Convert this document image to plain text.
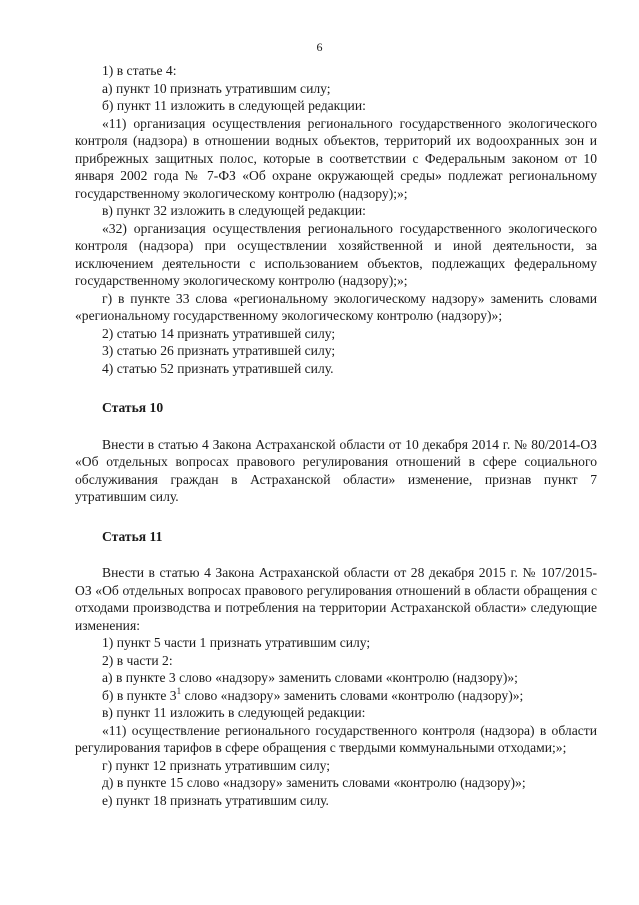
6

1) в статье 4:

а) пункт 10 признать утратившим силу;

б) пункт 11 изложить в следующей редакции:

«11) организация осуществления регионального государственного экологического контроля (надзора) в отношении водных объектов, территорий их водоохранных зон и прибрежных защитных полос, которые в соответствии с Федеральным законом от 10 января 2002 года № 7-ФЗ «Об охране окружающей среды» подлежат региональному государственному экологическому контролю (надзору);»;

в) пункт 32 изложить в следующей редакции:

«32) организация осуществления регионального государственного экологического контроля (надзора) при осуществлении хозяйственной и иной деятельности, за исключением деятельности с использованием объектов, подлежащих федеральному государственному экологическому контролю (надзору);»;

г) в пункте 33 слова «региональному экологическому надзору» заменить словами «региональному государственному экологическому контролю (надзору)»;

2) статью 14 признать утратившей силу;

3) статью 26 признать утратившей силу;

4) статью 52 признать утратившей силу.

Статья 10

Внести в статью 4 Закона Астраханской области от 10 декабря 2014 г. № 80/2014-ОЗ «Об отдельных вопросах правового регулирования отношений в сфере социального обслуживания граждан в Астраханской области» изменение, признав пункт 7 утратившим силу.

Статья 11

Внести в статью 4 Закона Астраханской области от 28 декабря 2015 г. № 107/2015-ОЗ «Об отдельных вопросах правового регулирования отношений в области обращения с отходами производства и потребления на территории Астраханской области» следующие изменения:

1) пункт 5 части 1 признать утратившим силу;

2) в части 2:

а) в пункте 3 слово «надзору» заменить словами «контролю (надзору)»;

б) в пункте $3^1$ слово «надзору» заменить словами «контролю (надзору)»;

в) пункт 11 изложить в следующей редакции:

«11) осуществление регионального государственного контроля (надзора) в области регулирования тарифов в сфере обращения с твердыми коммунальными отходами;»;

г) пункт 12 признать утратившим силу;

д) в пункте 15 слово «надзору» заменить словами «контролю (надзору)»;

е) пункт 18 признать утратившим силу.
